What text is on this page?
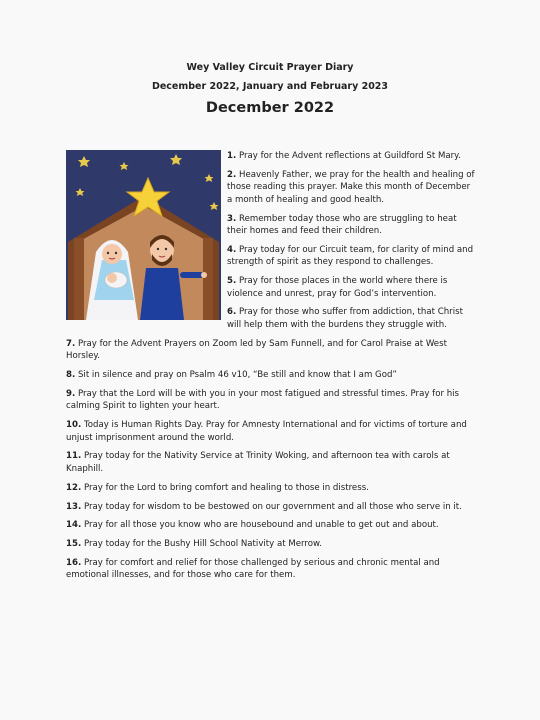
Wey Valley Circuit Prayer Diary
December 2022, January and February 2023
December 2022

1. Pray for the Advent reflections at Guildford St Mary.

2. Heavenly Father, we pray for the health and healing of those reading this prayer. Make this month of December a month of healing and good health.

3. Remember today those who are struggling to heat their homes and feed their children.

4. Pray today for our Circuit team, for clarity of mind and strength of spirit as they respond to challenges.

5. Pray for those places in the world where there is violence and unrest, pray for God’s intervention.

6. Pray for those who suffer from addiction, that Christ will help them with the burdens they struggle with.

7. Pray for the Advent Prayers on Zoom led by Sam Funnell, and for Carol Praise at West Horsley.

8. Sit in silence and pray on Psalm 46 v10, “Be still and know that I am God”

9. Pray that the Lord will be with you in your most fatigued and stressful times. Pray for his calming Spirit to lighten your heart.

10. Today is Human Rights Day. Pray for Amnesty International and for victims of torture and unjust imprisonment around the world.

11. Pray today for the Nativity Service at Trinity Woking, and afternoon tea with carols at Knaphill.

12. Pray for the Lord to bring comfort and healing to those in distress.

13. Pray today for wisdom to be bestowed on our government and all those who serve in it.

14. Pray for all those you know who are housebound and unable to get out and about.

15. Pray today for the Bushy Hill School Nativity at Merrow.

16. Pray for comfort and relief for those challenged by serious and chronic mental and emotional illnesses, and for those who care for them.
